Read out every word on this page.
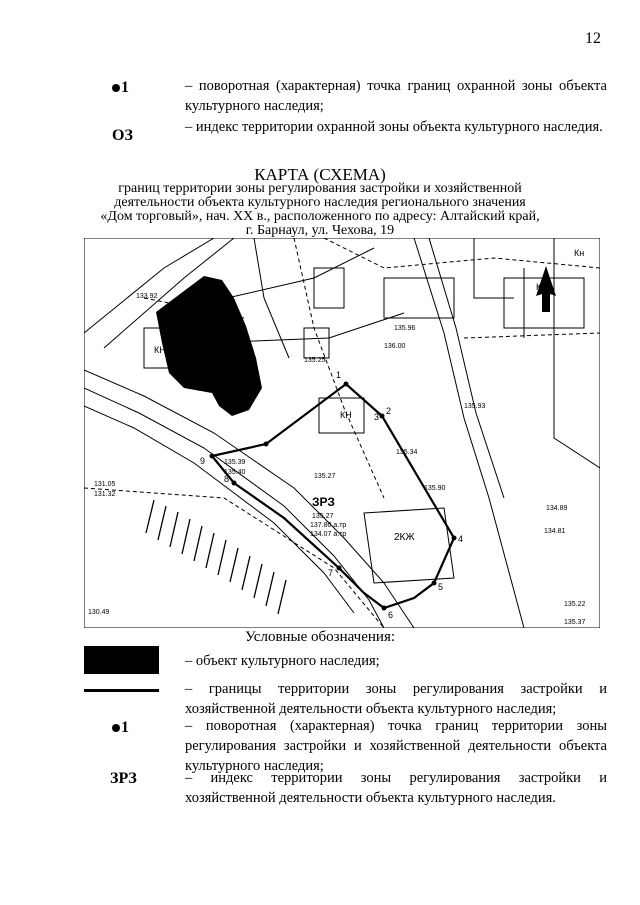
12
1	– поворотная (характерная) точка границ охранной зоны объекта культурного наследия;
ОЗ	– индекс территории охранной зоны объекта культурного наследия.
КАРТА (СХЕМА)
границ территории зоны регулирования застройки и хозяйственной
деятельности объекта культурного наследия регионального значения
«Дом торговый», нач. XX в., расположенного по адресу: Алтайский край,
г. Барнаул, ул. Чехова, 19
1
2
3
4
5
6
7
8
9
135.40
135.39
135.27
135.34
135.90
135.93
134.81
134.89
133.92
135.96
135.25
136.00
ЗРЗ
135.27
137.80 а.тр
134.07 а.тр	2КЖ
КН
КН
КН
Кн
130.49
131.05
131.32
135.22
135.37
Условные обозначения:
– объект культурного наследия;
– границы территории зоны регулирования застройки и хозяйственной деятельности объекта культурного наследия;
1	– поворотная (характерная) точка границ территории зоны регулирования застройки и хозяйственной деятельности объекта культурного наследия;
ЗРЗ	– индекс территории зоны регулирования застройки и хозяйственной деятельности объекта культурного наследия.
